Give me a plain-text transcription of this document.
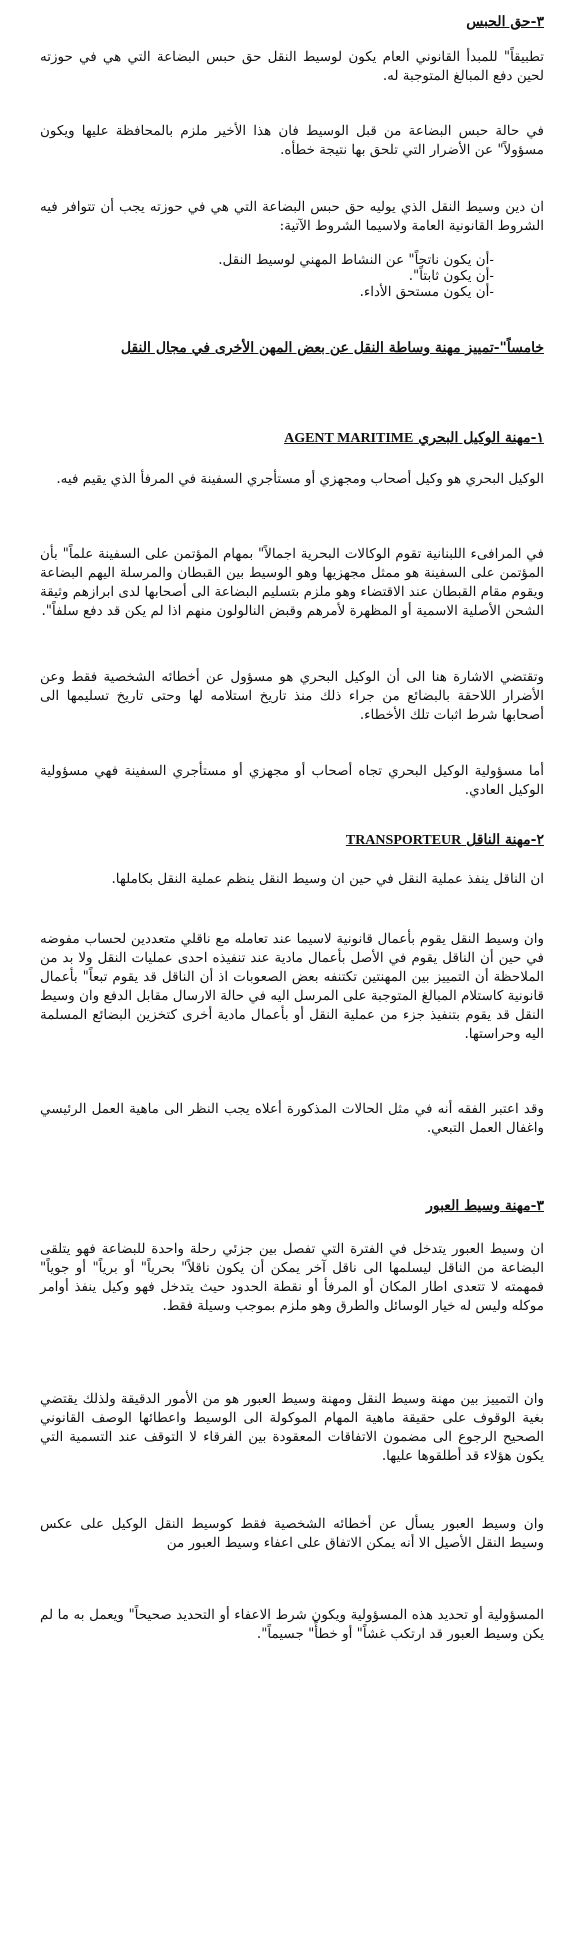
٣-حق الحبس

تطبيقاً" للمبدأ القانوني العام يكون لوسيط النقل حق حبس البضاعة التي هي في حوزته لحين دفع المبالغ المتوجبة له.

في حالة حبس البضاعة من قبل الوسيط فان هذا الأخير ملزم بالمحافظة عليها ويكون مسؤولاً" عن الأضرار التي تلحق بها نتيجة خطأه.

ان دين وسيط النقل الذي يوليه حق حبس البضاعة التي هي في حوزته يجب أن تتوافر فيه الشروط القانونية العامة ولاسيما الشروط الآتية:

-أن يكون ناتجاً" عن النشاط المهني لوسيط النقل.
-أن يكون ثابتاً".
-أن يكون مستحق الأداء.
خامساً"-تمييز مهنة وساطة النقل عن بعض المهن الأخرى في مجال النقل
١-مهنة الوكيل البحري AGENT MARITIME

الوكيل البحري هو وكيل أصحاب ومجهزي أو مستأجري السفينة في المرفأ الذي يقيم فيه.

في المرافىء اللبنانية تقوم الوكالات البحرية اجمالاً" بمهام المؤتمن على السفينة علماً" بأن المؤتمن على السفينة هو ممثل مجهزيها وهو الوسيط بين القبطان والمرسلة اليهم البضاعة ويقوم مقام القبطان عند الاقتضاء وهو ملزم بتسليم البضاعة الى أصحابها لدى ابرازهم وثيقة الشحن الأصلية الاسمية أو المظهرة لأمرهم وقبض النالولون منهم اذا لم يكن قد دفع سلفاً".

وتقتضي الاشارة هنا الى أن الوكيل البحري هو مسؤول عن أخطائه الشخصية فقط وعن الأضرار اللاحقة بالبضائع من جراء ذلك منذ تاريخ استلامه لها وحتى تاريخ تسليمها الى أصحابها شرط اثبات تلك الأخطاء.

أما مسؤولية الوكيل البحري تجاه أصحاب أو مجهزي أو مستأجري السفينة فهي مسؤولية الوكيل العادي.

٢-مهنة الناقل TRANSPORTEUR

ان الناقل ينفذ عملية النقل في حين ان وسيط النقل ينظم عملية النقل بكاملها.

وان وسيط النقل يقوم بأعمال قانونية لاسيما عند تعامله مع ناقلي متعددين لحساب مفوضه في حين أن الناقل يقوم في الأصل بأعمال مادية عند تنفيذه احدى عمليات النقل ولا بد من الملاحظة أن التمييز بين المهنتين تكتنفه بعض الصعوبات اذ أن الناقل قد يقوم تبعاً" بأعمال قانونية كاستلام المبالغ المتوجبة على المرسل اليه في حالة الارسال مقابل الدفع وان وسيط النقل قد يقوم بتنفيذ جزء من عملية النقل أو بأعمال مادية أخرى كتخزين البضائع المسلمة اليه وحراستها.

وقد اعتبر الفقه أنه في مثل الحالات المذكورة أعلاه يجب النظر الى ماهية العمل الرئيسي واغفال العمل التبعي.

٣-مهنة وسيط العبور

ان وسيط العبور يتدخل في الفترة التي تفصل بين جزئي رحلة واحدة للبضاعة فهو يتلقى البضاعة من الناقل ليسلمها الى ناقل آخر يمكن أن يكون ناقلاً" بحرياً" أو برياً" أو جوياً" فمهمته لا تتعدى اطار المكان أو المرفأ أو نقطة الحدود حيث يتدخل فهو وكيل ينفذ أوامر موكله وليس له خيار الوسائل والطرق وهو ملزم بموجب وسيلة فقط.

وان التمييز بين مهنة وسيط النقل ومهنة وسيط العبور هو من الأمور الدقيقة ولذلك يقتضي بغية الوقوف على حقيقة ماهية المهام الموكولة الى الوسيط واعطائها الوصف القانوني الصحيح الرجوع الى مضمون الاتفاقات المعقودة بين الفرقاء لا التوقف عند التسمية التي يكون هؤلاء قد أطلقوها عليها.

وان وسيط العبور يسأل عن أخطائه الشخصية فقط كوسيط النقل الوكيل على عكس وسيط النقل الأصيل الا أنه يمكن الاتفاق على اعفاء وسيط العبور من

المسؤولية أو تحديد هذه المسؤولية ويكون شرط الاعفاء أو التحديد صحيحاً" ويعمل به ما لم يكن وسيط العبور قد ارتكب غشاً" أو خطأً" جسيماً".
